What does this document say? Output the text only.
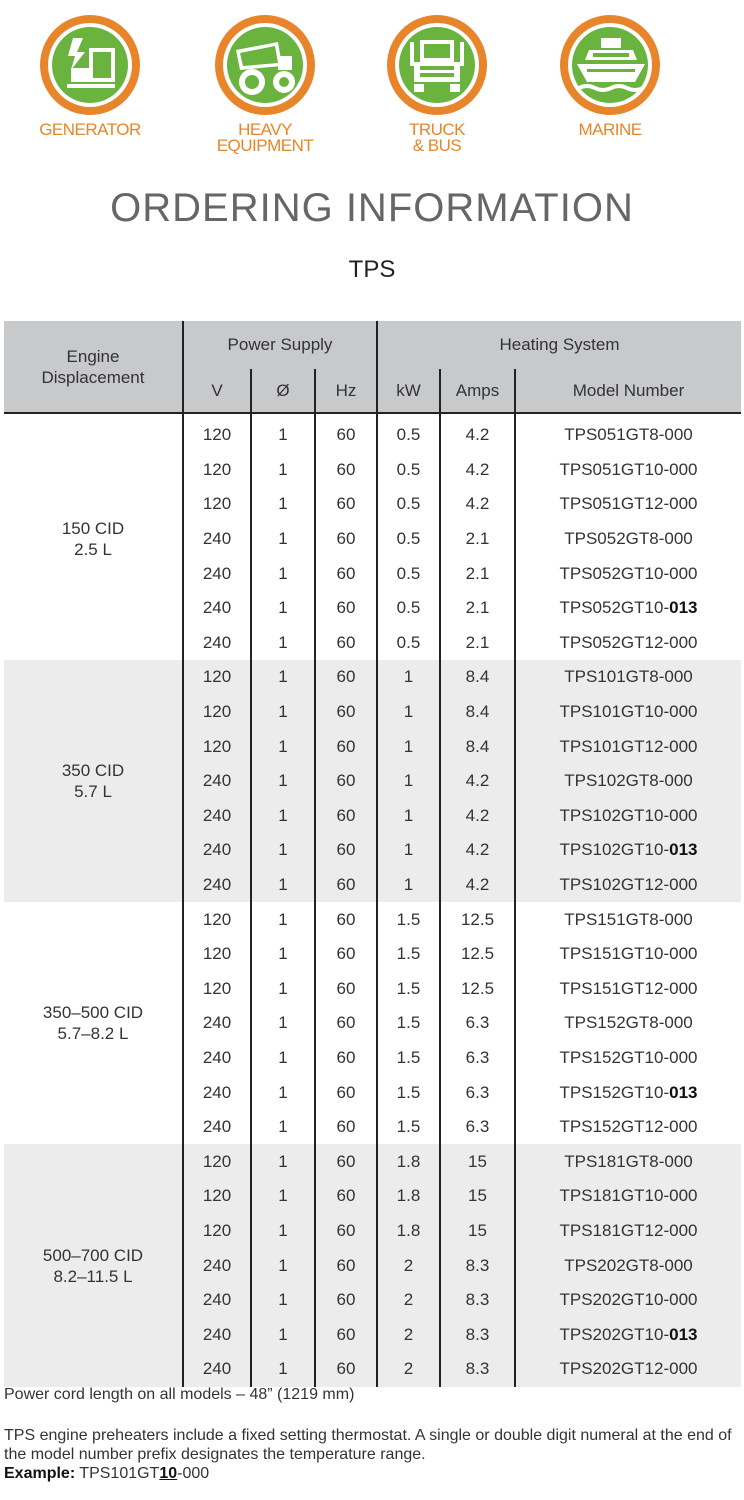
GENERATOR	HEAVY
EQUIPMENT
TRUCK
& BUS
MARINE
ORDERING INFORMATION
TPS
Engine Displacement	Power Supply			Heating System		
	V	Ø	Hz	kW	Amps	Model Number

150 CID
2.5 L	120	1	60	0.5	4.2	TPS051GT8-000
	120	1	60	0.5	4.2	TPS051GT10-000
	120	1	60	0.5	4.2	TPS051GT12-000
	240	1	60	0.5	2.1	TPS052GT8-000
	240	1	60	0.5	2.1	TPS052GT10-000
	240	1	60	0.5	2.1	TPS052GT10-013
	240	1	60	0.5	2.1	TPS052GT12-000

350 CID
5.7 L	120	1	60	1	8.4	TPS101GT8-000
	120	1	60	1	8.4	TPS101GT10-000
	120	1	60	1	8.4	TPS101GT12-000
	240	1	60	1	4.2	TPS102GT8-000
	240	1	60	1	4.2	TPS102GT10-000
	240	1	60	1	4.2	TPS102GT10-013
	240	1	60	1	4.2	TPS102GT12-000

350–500 CID
5.7–8.2 L	120	1	60	1.5	12.5	TPS151GT8-000
	120	1	60	1.5	12.5	TPS151GT10-000
	120	1	60	1.5	12.5	TPS151GT12-000
	240	1	60	1.5	6.3	TPS152GT8-000
	240	1	60	1.5	6.3	TPS152GT10-000
	240	1	60	1.5	6.3	TPS152GT10-013
	240	1	60	1.5	6.3	TPS152GT12-000

500–700 CID
8.2–11.5 L	120	1	60	1.8	15	TPS181GT8-000
	120	1	60	1.8	15	TPS181GT10-000
	120	1	60	1.8	15	TPS181GT12-000
	240	1	60	2	8.3	TPS202GT8-000
	240	1	60	2	8.3	TPS202GT10-000
	240	1	60	2	8.3	TPS202GT10-013
	240	1	60	2	8.3	TPS202GT12-000
Power cord length on all models – 48” (1219 mm)
TPS engine preheaters include a fixed setting thermostat. A single or double digit numeral at the end of the model number prefix designates the temperature range.
Example: TPS101GT10-000
